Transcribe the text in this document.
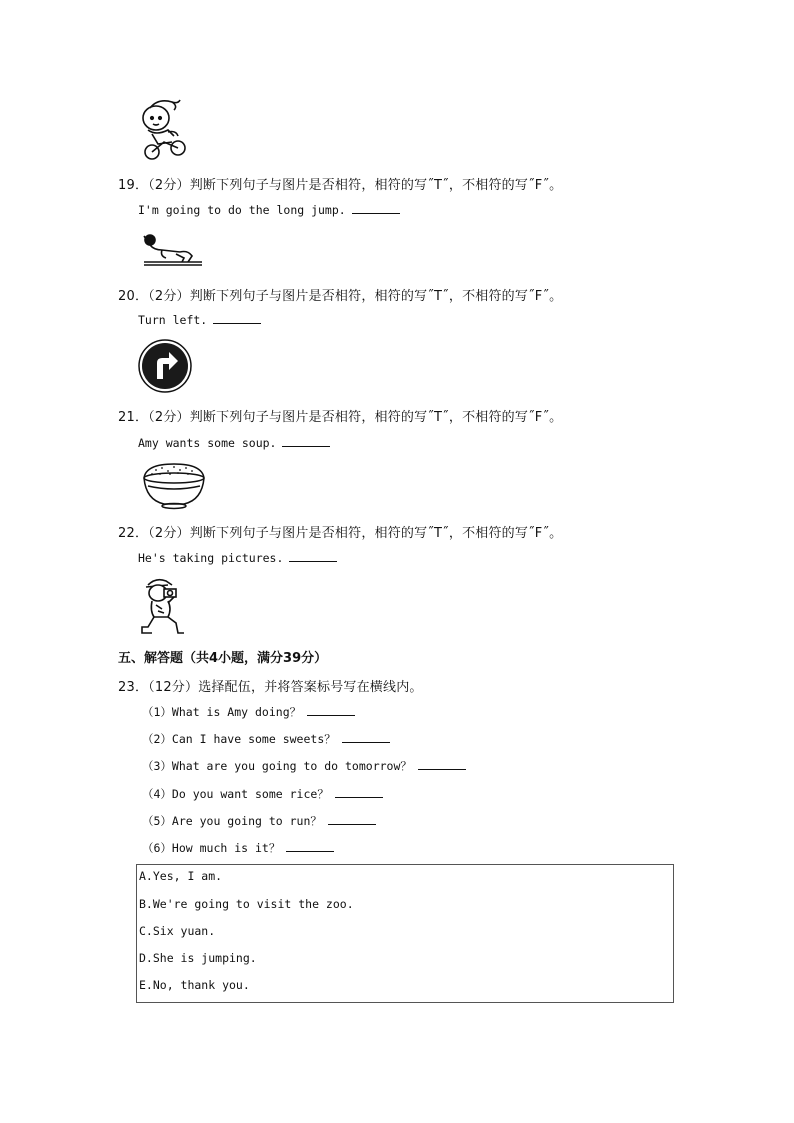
19．（2分）判断下列句子与图片是否相符，相符的写˝T˝，不相符的写˝F˝。
I'm going to do the long jump.
20．（2分）判断下列句子与图片是否相符，相符的写˝T˝，不相符的写˝F˝。
Turn left.
21．（2分）判断下列句子与图片是否相符，相符的写˝T˝，不相符的写˝F˝。
Amy wants some soup.
22．（2分）判断下列句子与图片是否相符，相符的写˝T˝，不相符的写˝F˝。
He's taking pictures.
五、解答题（共4小题，满分39分）
23．（12分）选择配伍，并将答案标号写在横线内。
（1）What is Amy doing？
（2）Can I have some sweets？
（3）What are you going to do tomorrow？
（4）Do you want some rice？
（5）Are you going to run？
（6）How much is it？
A.Yes, I am.
B.We're going to visit the zoo.
C.Six yuan.
D.She is jumping.
E.No, thank you.
